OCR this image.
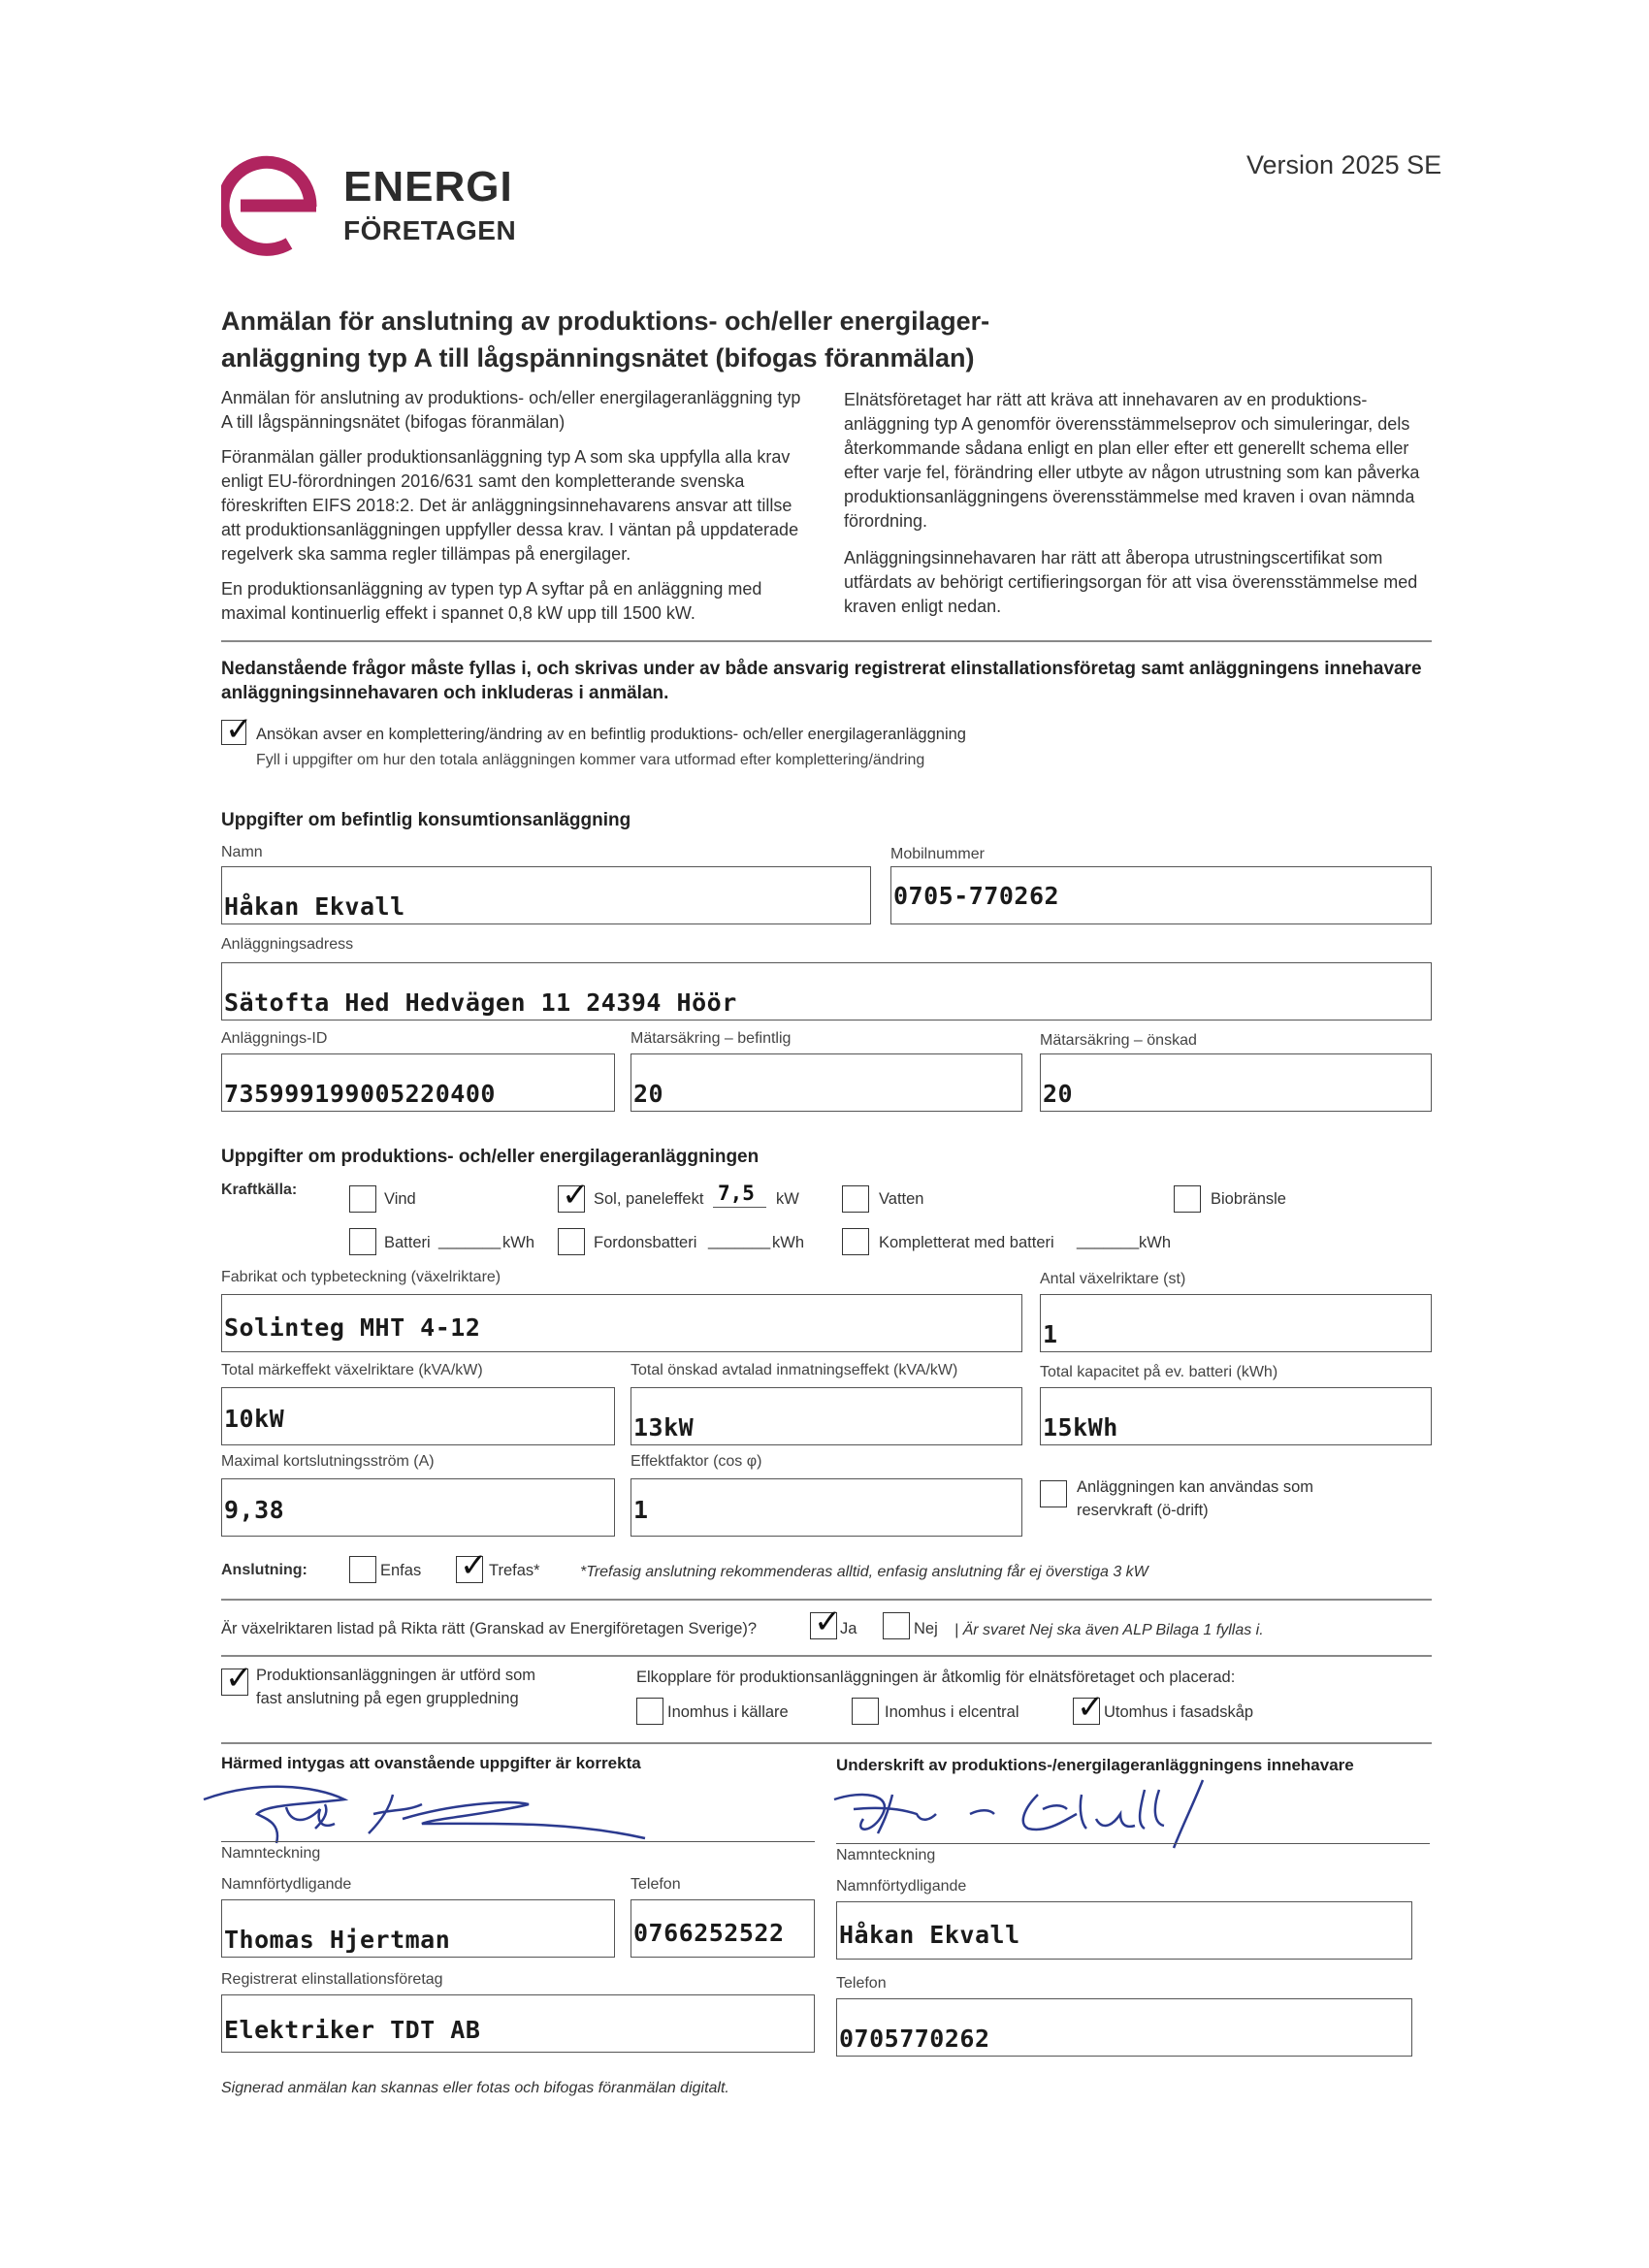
ENERGI
FÖRETAGEN
Version 2025 SE
Anmälan för anslutning av produktions- och/eller energilager-anläggning typ A till lågspänningsnätet (bifogas föranmälan)
Anmälan för anslutning av produktions- och/eller energilageranläggning typ A till lågspänningsnätet (bifogas föranmälan)
Föranmälan gäller produktionsanläggning typ A som ska uppfylla alla krav enligt EU-förordningen 2016/631 samt den kompletterande svenska föreskriften EIFS 2018:2. Det är anläggningsinnehavarens ansvar att tillse att produktionsanläggningen uppfyller dessa krav. I väntan på uppdaterade regelverk ska samma regler tillämpas på energilager.
En produktionsanläggning av typen typ A syftar på en anläggning med maximal kontinuerlig effekt i spannet 0,8 kW upp till 1500 kW.
Elnätsföretaget har rätt att kräva att innehavaren av en produktions-anläggning typ A genomför överensstämmelseprov och simuleringar, dels återkommande sådana enligt en plan eller efter ett generellt schema eller efter varje fel, förändring eller utbyte av någon utrustning som kan påverka produktionsanläggningens överensstämmelse med kraven i ovan nämnda förordning.
Anläggningsinnehavaren har rätt att åberopa utrustningscertifikat som utfärdats av behörigt certifieringsorgan för att visa överensstämmelse med kraven enligt nedan.
Nedanstående frågor måste fyllas i, och skrivas under av både ansvarig registrerat elinstallationsföretag samt anläggningens innehavare anläggningsinnehavaren och inkluderas i anmälan.
✓ Ansökan avser en komplettering/ändring av en befintlig produktions- och/eller energilageranläggning
Fyll i uppgifter om hur den totala anläggningen kommer vara utformad efter komplettering/ändring
Uppgifter om befintlig konsumtionsanläggning
Namn
Håkan Ekvall
Mobilnummer
0705-770262
Anläggningsadress
Sätofta Hed Hedvägen 11 24394 Höör
Anläggnings-ID
735999199005220400
Mätarsäkring – befintlig
20
Mätarsäkring – önskad
20
Uppgifter om produktions- och/eller energilageranläggningen
Kraftkälla:
Vind	✓ Sol, paneleffekt 7,5 kW	Vatten	Biobränsle
Batteri _______ kWh	Fordonsbatteri _______ kWh	Kompletterat med batteri _______ kWh
Fabrikat och typbeteckning (växelriktare)
Solinteg MHT 4-12
Antal växelriktare (st)
1
Total märkeffekt växelriktare (kVA/kW)
10kW
Total önskad avtalad inmatningseffekt (kVA/kW)
13kW
Total kapacitet på ev. batteri (kWh)
15kWh
Maximal kortslutningsström (A)
9,38
Effektfaktor (cos φ)
1
Anläggningen kan användas som
reservkraft (ö-drift)
Anslutning:	Enfas ✓ Trefas*	*Trefasig anslutning rekommenderas alltid, enfasig anslutning får ej överstiga 3 kW
Är växelriktaren listad på Rikta rätt (Granskad av Energiföretagen Sverige)? ✓
Ja	Nej | Är svaret Nej ska även ALP Bilaga 1 fyllas i.
✓ Produktionsanläggningen är utförd som
fast anslutning på egen gruppledning
Elkopplare för produktionsanläggningen är åtkomlig för elnätsföretaget och placerad:
Inomhus i källare	Inomhus i elcentral ✓ Utomhus i fasadskåp
Härmed intygas att ovanstående uppgifter är korrekta
Namnteckning
Namnförtydligande
Thomas Hjertman
Telefon
0766252522
Registrerat elinstallationsföretag
Elektriker TDT AB
Underskrift av produktions-/energilageranläggningens innehavare
Namnteckning
Namnförtydligande
Håkan Ekvall
Telefon
0705770262
Signerad anmälan kan skannas eller fotas och bifogas föranmälan digitalt.
